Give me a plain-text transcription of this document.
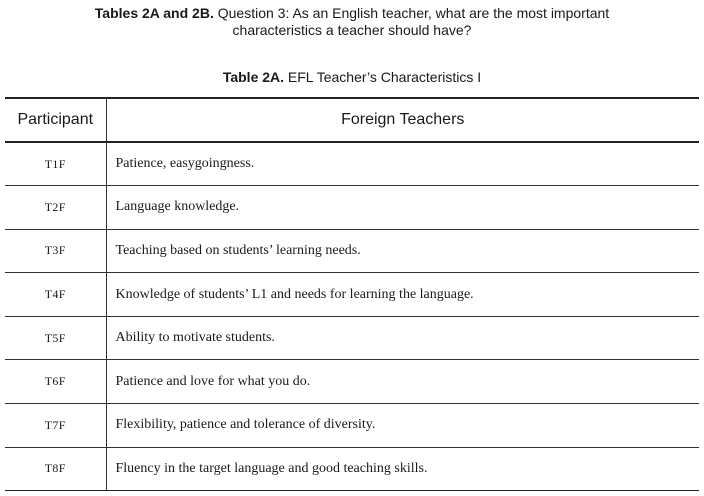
Tables 2A and 2B. Question 3: As an English teacher, what are the most important
characteristics a teacher should have?
Table 2A. EFL Teacher’s Characteristics I
Participant	Foreign Teachers
T1F	Patience, easygoingness.
T2F	Language knowledge.
T3F	Teaching based on students’ learning needs.
T4F	Knowledge of students’ L1 and needs for learning the language.
T5F	Ability to motivate students.
T6F	Patience and love for what you do.
T7F	Flexibility, patience and tolerance of diversity.
T8F	Fluency in the target language and good teaching skills.
